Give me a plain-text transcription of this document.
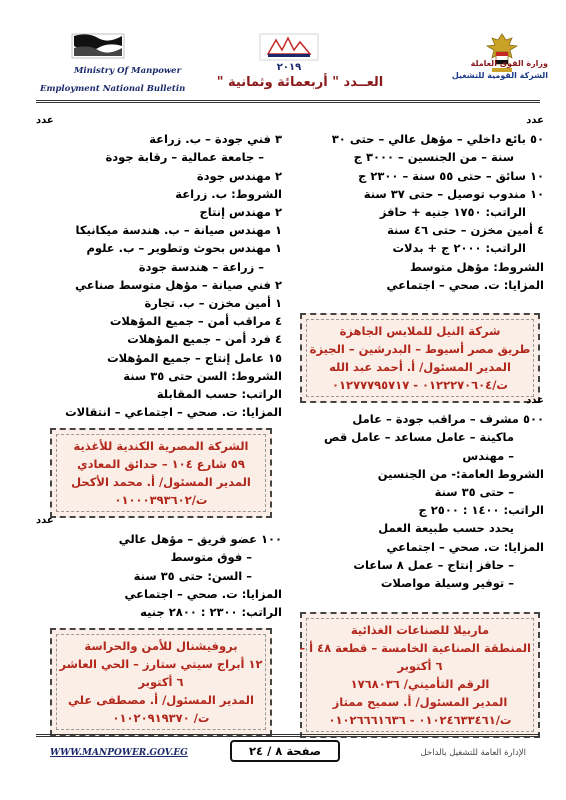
وزارة القوى العاملة
الشركة القومية للتشغيل
Ministry Of Manpower
Employment National Bulletin
٢٠١٩
العــدد " أربعمائة وثمانية "
عدد
٥٠ بائع داخلي – مؤهل عالي – حتى ٣٠
سنة – من الجنسين – ٣٠٠٠ ج
١٠ سائق – حتى ٥٥ سنة – ٢٣٠٠ ج
١٠ مندوب توصيل – حتى ٣٧ سنة
الراتب: ١٧٥٠ جنيه + حافز
٤ أمين مخزن – حتى ٤٦ سنة
الراتب: ٢٠٠٠ ج + بدلات
الشروط: مؤهل متوسط
المزايا: ت. صحي – اجتماعي
شركة النيل للملابس الجاهزة
طريق مصر أسيوط – البدرشين – الجيزة
المدير المسئول/ أ. أحمد عبد الله
ت/٠١٢٢٢٧٠٦٠٤ - ٠١٢٧٧٧٩٥٧١٧
عدد
٥٠٠ مشرف – مراقب جودة – عامل
ماكينة – عامل مساعد – عامل قص
– مهندس
الشروط العامة:- من الجنسين
– حتى ٣٥ سنة
الراتب: ١٤٠٠ : ٢٥٠٠ ج
يحدد حسب طبيعة العمل
المزايا: ت. صحي – اجتماعي
– حافز إنتاج – عمل ٨ ساعات
– توفير وسيلة مواصلات
ماربيلا للصناعات الغذائية
المنطقة الصناعية الخامسة – قطعة ٤٨ أ –
٦ أكتوبر
الرقم التأميني/ ١٧٦٨٠٣٦
المدير المسئول/ أ. سميح ممتاز
ت/٠١٠٢٤٦٣٣٤٦١ - ٠١٠٢٦٦٦١٦٣٦
عدد
٣ فني جودة – ب. زراعة
– جامعة عمالية – رقابة جودة
٢ مهندس جودة
الشروط: ب. زراعة
٢ مهندس إنتاج
١ مهندس صيانة – ب. هندسة ميكانيكا
١ مهندس بحوث وتطوير – ب. علوم
– زراعة – هندسة جودة
٢ فني صيانة – مؤهل متوسط صناعي
١ أمين مخزن – ب. تجارة
٤ مراقب أمن – جميع المؤهلات
٤ فرد أمن – جميع المؤهلات
١٥ عامل إنتاج – جميع المؤهلات
الشروط: السن حتى ٣٥ سنة
الراتب: حسب المقابلة
المزايا: ت. صحي – اجتماعي – انتقالات
الشركة المصرية الكندية للأغذية
٥٩ شارع ١٠٤ – حدائق المعادي
المدير المسئول/ أ. محمد الأكحل
ت/٠١٠٠٠٣٩٣٦٠٢
عدد
١٠٠ عضو فريق – مؤهل عالي
– فوق متوسط
– السن: حتى ٣٥ سنة
المزايا: ت. صحي – اجتماعي
الراتب: ٢٣٠٠ : ٢٨٠٠ جنيه
بروفيشنال للأمن والحراسة
١٢ أبراج سيتي ستارز – الحي العاشر
٦ أكتوبر
المدير المسئول/ أ. مصطفى علي
ت/ ٠١٠٢٠٩١٩٣٧٠
WWW.MANPOWER.GOV.EG	صفحة ٨ / ٢٤	الإدارة العامة للتشغيل بالداخل
